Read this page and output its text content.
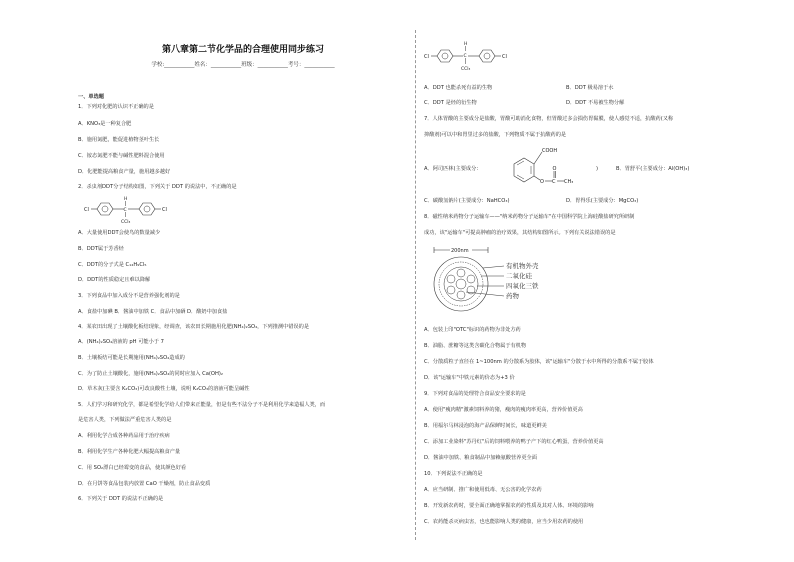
第八章第二节化学品的合理使用同步练习
学校:___________姓名：___________班级：___________考号：___________
一、单选题
1．下列对化肥的认识不正确的是
A．KNO₃是一种复合肥
B．施用氮肥，能促进植物茎叶生长
C．铵态氮肥不能与碱性肥料混合使用
D．化肥能提高粮食产量，施用越多越好
2．杀虫剂DDT分子结构如图，下列关于 DDT 的说法中，不正确的是
Cl
H
C
CCl₃
Cl
A．大量使用DDT会使鸟的数量减少
B．DDT属于芳香烃
C．DDT的分子式是 C₁₄H₉Cl₅
D．DDT的性质稳定且难以降解
3．下列食品中加入成分不是营养强化剂的是
A．食盐中加碘 B．酱油中加铁 C．食品中加硒 D．酸奶中加食盐
4．某农田出现了土壤酸化板结现象，经调查，该农田长期施用化肥(NH₄)₂SO₄，下列推测中错误的是
A．(NH₄)₂SO₄溶液的 pH 可能小于 7
B．土壤板结可能是长期施用(NH₄)₂SO₄造成的
C．为了防止土壤酸化，施用(NH₄)₂SO₄的同时应加入 Ca(OH)₂
D．草木灰(主要含 K₂CO₃)可改良酸性土壤，说明 K₂CO₃的溶液可能呈碱性
5．人们学习和研究化学，都是希望化学给人们带来正能量，但是有些不法分子不是利用化学来造福人类，而
是危害人类，下列做法严重危害人类的是
A．利用化学合成各种药品用于治疗疾病
B．利用化学生产各种化肥大幅提高粮食产量
C．用 SO₂漂白已经霉变的食品，使其颜色好看
D．在月饼等食品包装内放置 CaO 干燥剂，防止食品变质
6．下列关于 DDT 的说法不正确的是
H
C
Cl	Cl
CCl₃
A．DDT 也能杀死有益的生物	B．DDT 极易溶于水
C．DDT 是烃的衍生物	D．DDT 不易被生物分解
7．人体胃酸的主要成分是盐酸，胃酸可助消化食物，但胃酸过多会损伤胃黏膜，使人感觉不适，抗酸药(又称
抑酸剂)可以中和胃里过多的盐酸，下列物质不属于抗酸药的是
A．阿司匹林(主要成分：
COOH
O C
O
CH₃
)	B．胃舒平(主要成分：Al(OH)₃)
C．碳酸氢钠片(主要成分：NaHCO₃)	D．胃得乐(主要成分：MgCO₃)
8．磁性纳米药物分子运输车——"纳米药物分子运输车"在中国科学院上海硅酸盐研究所研制
成功，该"运输车"可提高肿瘤的治疗效果，其结构如图所示。下列有关说法错误的是
200nm
有机物外壳
二氧化硅
四氧化三铁
药物
A．包装上印"OTC"标识的药物为非处方药
B．油脂、蔗糖等这类含碳化合物属于有机物
C．分散质粒子直径在 1~100nm 的分散系为胶体，该"运输车"分散于水中所得的分散系不属于胶体
D．该"运输车"中铁元素的价态为+3 价
9．下列对食品的处理符合食品安全要求的是
A．使用"瘦肉精"激素饲料养的猪，瘦肉的瘦肉率更高，营养价值更高
B．用福尔马林浸泡的海产品保鲜时间长，味道更鲜美
C．添加工业染料"苏丹红"后的饲料喂养的鸭子产下的红心鸭蛋，营养价值更高
D．酱油中加铁、粮食制品中加赖氨酸营养更全面
10．下列说法不正确的是
A．应当研制、推广和使用低毒、无公害的化学农药
B．开发新农药时，要全面正确地掌握农药的性质及其对人体、环境的影响
C．农药能杀灭病虫害，也也能影响人类的健康，应当少用农药的使用
